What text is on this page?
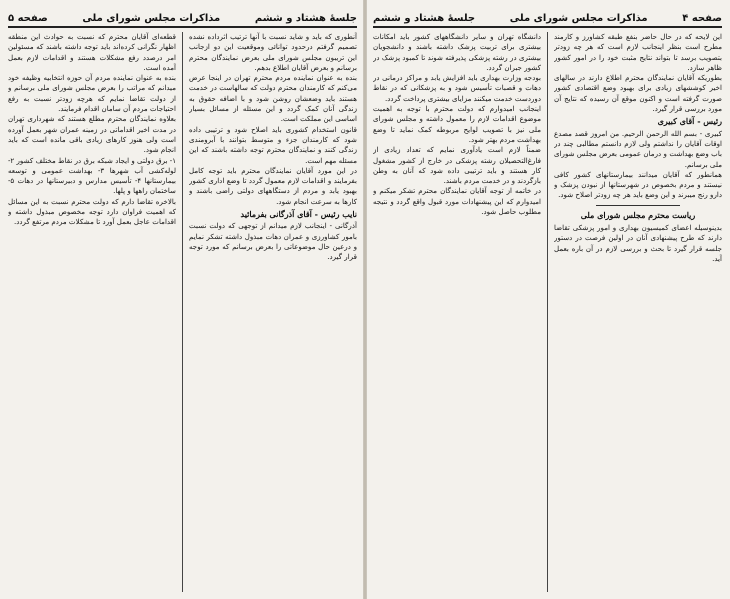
جلسهٔ هشتاد و ششم
مذاکرات مجلس شورای ملی
صفحه ۵

آنطوری که باید و شاید نسبت با آنها ترتیب اثرداده نشده تصمیم گرفتم درحدود توانائی وموقعیت این دو ازجانب این تریبون مجلس شورای ملی بعرض نمایندگان محترم برسانم و بعرض آقایان اطلاع بدهم.

بنده به عنوان نماینده مردم محترم تهران در اینجا عرض می‌کنم که کارمندان محترم دولت که سالهاست در خدمت هستند باید وضعشان روشن شود و با اضافه حقوق به زندگی آنان کمک گردد و این مسئله از مسائل بسیار اساسی این مملکت است.

قانون استخدام کشوری باید اصلاح شود و ترتیبی داده شود که کارمندان جزء و متوسط بتوانند با آبرومندی زندگی کنند و نمایندگان محترم توجه داشته باشند که این مسئله مهم است.

در این مورد آقایان نمایندگان محترم باید توجه کامل بفرمایند و اقدامات لازم معمول گردد تا وضع اداری کشور بهبود یابد و مردم از دستگاههای دولتی راضی باشند و کارها به سرعت انجام شود.

نایب رئیس - آقای آذرگانی بفرمائید

آذرگانی - اینجانب لازم میدانم از توجهی که دولت نسبت بامور کشاورزی و عمران دهات مبذول داشته تشکر نمایم و درعین حال موضوعاتی را بعرض برسانم که مورد توجه قرار گیرد.

قطعه‌ای آقایان محترم که نسبت به حوادث این منطقه اظهار نگرانی کرده‌اند باید توجه داشته باشند که مسئولین امر درصدد رفع مشکلات هستند و اقدامات لازم بعمل آمده است.

بنده به عنوان نماینده مردم آن حوزه انتخابیه وظیفه خود میدانم که مراتب را بعرض مجلس شورای ملی برسانم و از دولت تقاضا نمایم که هرچه زودتر نسبت به رفع احتیاجات مردم آن سامان اقدام فرمایند.

بعلاوه نمایندگان محترم مطلع هستند که شهرداری تهران در مدت اخیر اقداماتی در زمینه عمران شهر بعمل آورده است ولی هنوز کارهای زیادی باقی مانده است که باید انجام شود.

۱- برق دولتی و ایجاد شبکه برق در نقاط مختلف کشور ۲- لوله‌کشی آب شهرها ۳- بهداشت عمومی و توسعه بیمارستانها ۴- تأسیس مدارس و دبیرستانها در دهات ۵- ساختمان راهها و پلها.

بالاخره تقاضا دارم که دولت محترم نسبت به این مسائل که اهمیت فراوان دارد توجه مخصوص مبذول داشته و اقدامات عاجل بعمل آورد تا مشکلات مردم مرتفع گردد.

صفحه ۴
مذاکرات مجلس شورای ملی
جلسهٔ هشتاد و ششم

این لایحه که در حال حاضر بنفع طبقه کشاورز و کارمند مطرح است بنظر اینجانب لازم است که هر چه زودتر بتصویب برسد تا بتواند نتایج مثبت خود را در امور کشور ظاهر سازد.

بطوریکه آقایان نمایندگان محترم اطلاع دارند در سالهای اخیر کوششهای زیادی برای بهبود وضع اقتصادی کشور صورت گرفته است و اکنون موقع آن رسیده که نتایج آن مورد بررسی قرار گیرد.

رئیس - آقای کبیری

کبیری - بسم الله الرحمن الرحیم. من امروز قصد مصدع اوقات آقایان را نداشتم ولی لازم دانستم مطالبی چند در باب وضع بهداشت و درمان عمومی بعرض مجلس شورای ملی برسانم.

همانطور که آقایان میدانند بیمارستانهای کشور کافی نیستند و مردم بخصوص در شهرستانها از نبودن پزشک و دارو رنج میبرند و این وضع باید هر چه زودتر اصلاح شود.

ریاست محترم مجلس شورای ملی

بدینوسیله اعضای کمیسیون بهداری و امور پزشکی تقاضا دارند که طرح پیشنهادی آنان در اولین فرصت در دستور جلسه قرار گیرد تا بحث و بررسی لازم در آن باره بعمل آید.

دانشگاه تهران و سایر دانشگاههای کشور باید امکانات بیشتری برای تربیت پزشک داشته باشند و دانشجویان بیشتری در رشته پزشکی پذیرفته شوند تا کمبود پزشک در کشور جبران گردد.

بودجه وزارت بهداری باید افزایش یابد و مراکز درمانی در دهات و قصبات تأسیس شود و به پزشکانی که در نقاط دوردست خدمت میکنند مزایای بیشتری پرداخت گردد.

اینجانب امیدوارم که دولت محترم با توجه به اهمیت موضوع اقدامات لازم را معمول داشته و مجلس شورای ملی نیز با تصویب لوایح مربوطه کمک نماید تا وضع بهداشت مردم بهتر شود.

ضمناً لازم است یادآوری نمایم که تعداد زیادی از فارغ‌التحصیلان رشته پزشکی در خارج از کشور مشغول کار هستند و باید ترتیبی داده شود که آنان به وطن بازگردند و در خدمت مردم باشند.

در خاتمه از توجه آقایان نمایندگان محترم تشکر میکنم و امیدوارم که این پیشنهادات مورد قبول واقع گردد و نتیجه مطلوب حاصل شود.
